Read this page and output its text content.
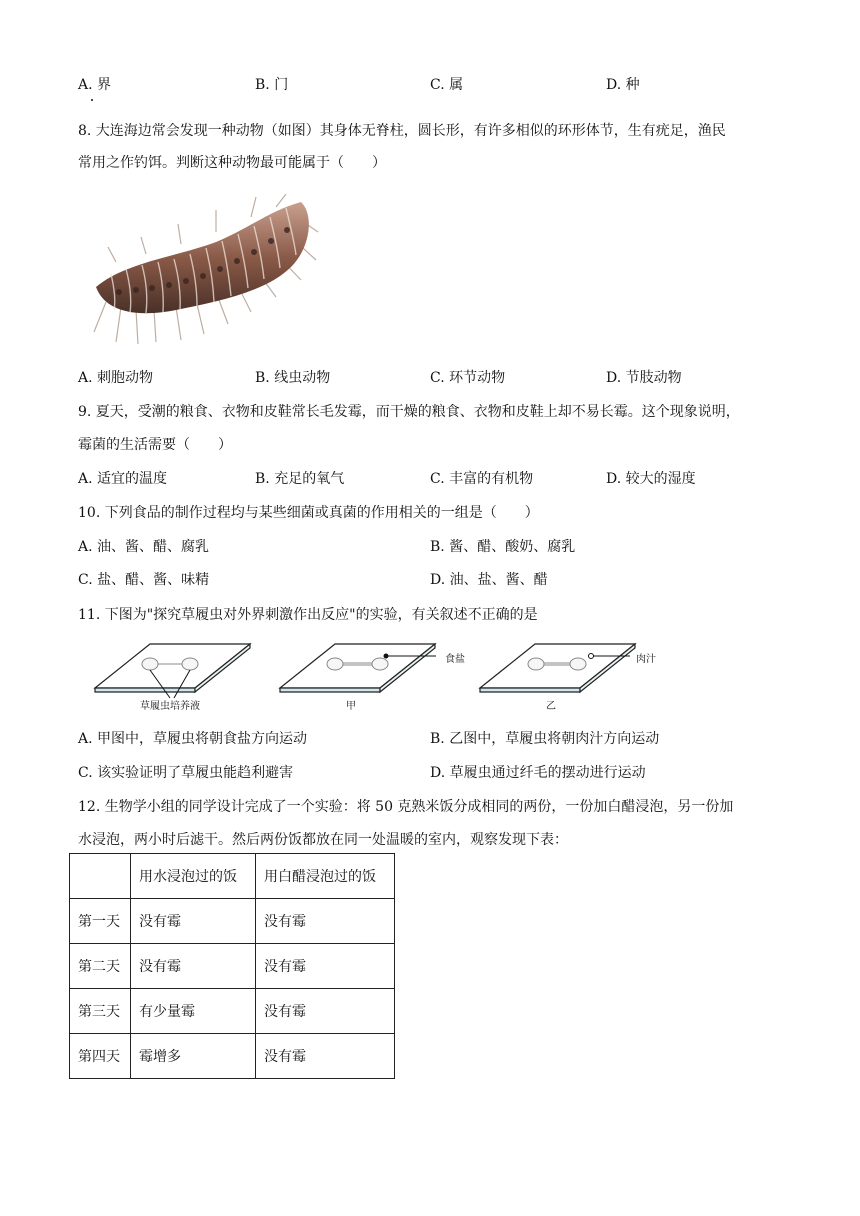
A. 界	B. 门	C. 属	D. 种
8. 大连海边常会发现一种动物（如图）其身体无脊柱，圆长形，有许多相似的环形体节，生有疣足，渔民
常用之作钓饵。判断这种动物最可能属于（　　）
A. 刺胞动物	B. 线虫动物	C. 环节动物	D. 节肢动物
9. 夏天，受潮的粮食、衣物和皮鞋常长毛发霉，而干燥的粮食、衣物和皮鞋上却不易长霉。这个现象说明，
霉菌的生活需要（　　）
A. 适宜的温度	B. 充足的氧气	C. 丰富的有机物	D. 较大的湿度
10. 下列食品的制作过程均与某些细菌或真菌的作用相关的一组是（　　）
A. 油、酱、醋、腐乳	B. 酱、醋、酸奶、腐乳
C. 盐、醋、酱、味精	D. 油、盐、酱、醋
11. 下图为"探究草履虫对外界刺激作出反应"的实验，有关叙述不正确的是
草履虫培养液
食盐	肉汁
甲	乙
A. 甲图中，草履虫将朝食盐方向运动	B. 乙图中，草履虫将朝肉汁方向运动
C. 该实验证明了草履虫能趋利避害	D. 草履虫通过纤毛的摆动进行运动
12. 生物学小组的同学设计完成了一个实验：将 50 克熟米饭分成相同的两份，一份加白醋浸泡，另一份加
水浸泡，两小时后滤干。然后两份饭都放在同一处温暖的室内，观察发现下表：
	用水浸泡过的饭	用白醋浸泡过的饭
第一天	没有霉	没有霉
第二天	没有霉	没有霉
第三天	有少量霉	没有霉
第四天	霉增多	没有霉
